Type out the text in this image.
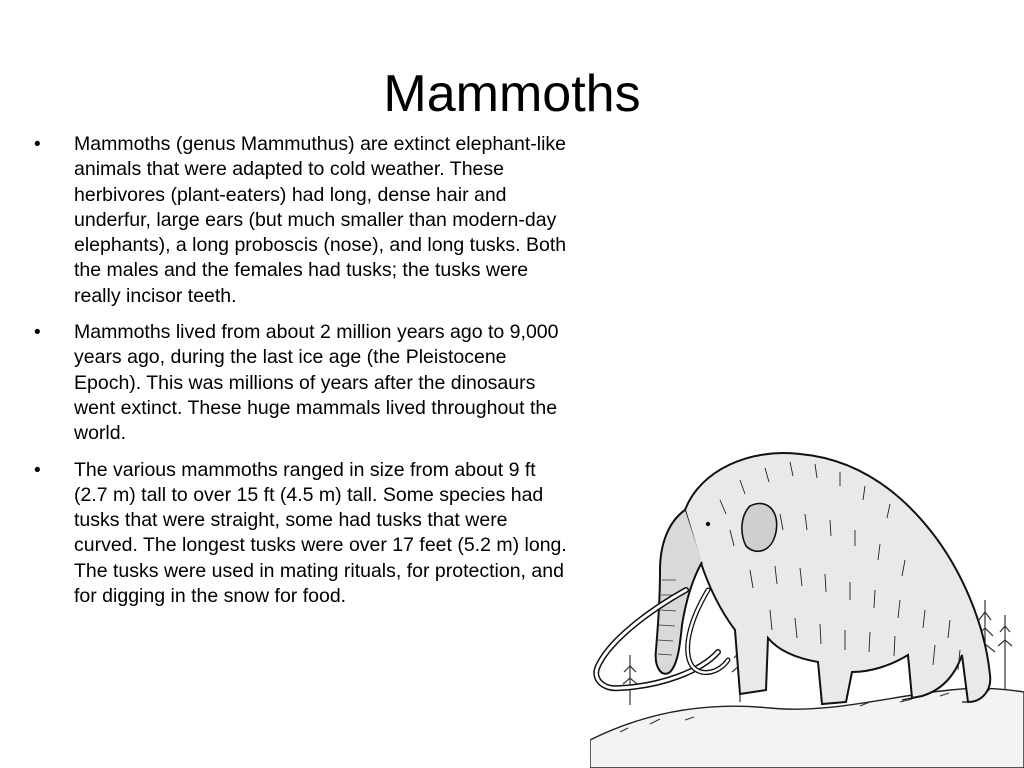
Mammoths
• Mammoths (genus Mammuthus) are extinct elephant-like animals that were adapted to cold weather. These herbivores (plant-eaters) had long, dense hair and underfur, large ears (but much smaller than modern-day elephants), a long proboscis (nose), and long tusks. Both the males and the females had tusks; the tusks were really incisor teeth.
• Mammoths lived from about 2 million years ago to 9,000 years ago, during the last ice age (the Pleistocene Epoch). This was millions of years after the dinosaurs went extinct. These huge mammals lived throughout the world.
• The various mammoths ranged in size from about 9 ft (2.7 m) tall to over 15 ft (4.5 m) tall. Some species had tusks that were straight, some had tusks that were curved. The longest tusks were over 17 feet (5.2 m) long. The tusks were used in mating rituals, for protection, and for digging in the snow for food.
